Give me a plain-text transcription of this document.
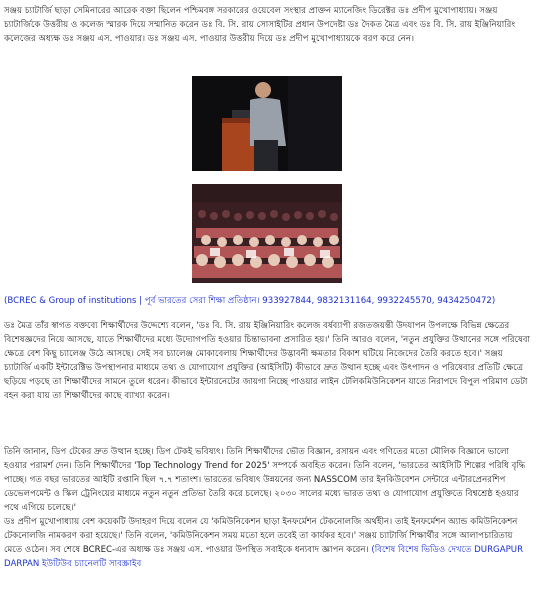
সঞ্জয় চ্যাটার্জি ছাড়া সেমিনারের আরেক বক্তা ছিলেন পশ্চিমবঙ্গ সরকারের ওয়েবেল সংস্থার প্রাক্তন ম্যানেজিং ডিরেক্টর ডঃ প্রদীপ মুখোপাধ্যায়। সঞ্জয় চ্যাটার্জিকে উত্তরীয় ও কলেজ স্মারক দিয়ে সম্মানিত করেন ডঃ বি. সি. রায় সোসাইটির প্রধান উপদেষ্টা ডঃ দৈকত মৈত্র এবং ডঃ বি. সি. রায় ইঞ্জিনিয়ারিং কলেজের অধ্যক্ষ ডঃ সঞ্জয় এস. পাওয়ার। ডঃ সঞ্জয় এস. পাওয়ার উত্তরীয় দিয়ে ডঃ প্রদীপ মুখোপাধ্যায়কে বরণ করে নেন।

(BCREC & Group of institutions | পূর্ব ভারতের সেরা শিক্ষা প্রতিষ্ঠান। 933927844, 9832131164, 9932245570, 9434250472)

ডঃ মৈত্র তাঁর স্বাগত বক্তব্যে শিক্ষার্থীদের উদ্দেশ্যে বলেন, 'ডঃ বি. সি. রায় ইঞ্জিনিয়ারিং কলেজ বর্ষব্যাপী রজতজয়ন্তী উদযাপন উপলক্ষে বিভিন্ন ক্ষেত্রের বিশেষজ্ঞদের নিয়ে আসছে, যাতে শিক্ষার্থীদের মধ্যে উদ্যোগপতি হওয়ার চিন্তাভাবনা প্রসারিত হয়।' তিনি আরও বলেন, 'নতুন প্রযুক্তির উত্থানের সঙ্গে পরিষেবা ক্ষেত্রে বেশ কিছু চ্যালেঞ্জ উঠে আসছে। সেই সব চ্যালেঞ্জ মোকাবেলায় শিক্ষার্থীদের উদ্ভাবনী ক্ষমতার বিকাশ ঘটিয়ে নিজেদের তৈরি করতে হবে।' সঞ্জয় চ্যাটার্জি একটি ইন্টারেক্টিভ উপস্থাপনার মাধ্যমে তথ্য ও যোগাযোগ প্রযুক্তির (আইসিটি) কীভাবে দ্রুত উত্থান হচ্ছে এবং উৎপাদন ও পরিষেবার প্রতিটি ক্ষেত্রে ছড়িয়ে পড়ছে তা শিক্ষার্থীদের সামনে তুলে ধরেন। কীভাবে ইন্টারনেটের জায়গা নিচ্ছে পাওয়ার লাইন টেলিকমিউনিকেশন যাতে নিরাপদে বিপুল পরিমাণ ডেটা বহন করা যায় তা শিক্ষার্থীদের কাছে ব্যাখ্যা করেন।

তিনি জানান, ডিপ টেকের দ্রুত উত্থান হচ্ছে। ডিপ টেকই ভবিষ্যৎ। তিনি শিক্ষার্থীদের ভৌত বিজ্ঞান, রসায়ন এবং গণিতের মতো মৌলিক বিজ্ঞানে ভালো হওয়ার পরামর্শ দেন। তিনি শিক্ষার্থীদের 'Top Technology Trend for 2025' সম্পর্কে অবহিত করেন। তিনি বলেন, 'ভারতের আইসিটি শিল্পের পরিধি বৃদ্ধি পাচ্ছে। গত বছর ভারতের আইটি রপ্তানি ছিল ৭.৭ শতাংশ। ভারতের ভবিষ্যৎ উন্নয়নের জন্য NASSCOM তার ইনকিউবেশন সেন্টারে এন্টারপ্রেনরশিপ ডেভেলপমেন্ট ও স্কিল ট্রেনিংয়ের মাধ্যমে নতুন নতুন প্রতিভা তৈরি করে চলেছে। ২০৩০ সালের মধ্যে ভারত তথ্য ও যোগাযোগ প্রযুক্তিতে বিশ্বশ্রেষ্ঠ হওয়ার পথে এগিয়ে চলেছে।'

ডঃ প্রদীপ মুখোপাধ্যায় বেশ কয়েকটি উদাহরণ দিয়ে বলেন যে 'কমিউনিকেশন ছাড়া ইনফর্মেশন টেকনোলজি অর্থহীন। তাই ইনফর্মেশন অ্যান্ড কমিউনিকেশন টেকনোলজি নামকরণ করা হয়েছে।' তিনি বলেন, 'কমিউনিকেশন সময় মতো হলে তবেই তা কার্যকর হবে।' সঞ্জয় চ্যাটার্জি শিক্ষার্থীর সঙ্গে আলাপচারিতায় মেতে ওঠেন। সব শেষে BCREC-এর অধ্যক্ষ ডঃ সঞ্জয় এস. পাওয়ার উপস্থিত সবাইকে ধন্যবাদ জ্ঞাপন করেন। (বিশেষ বিশেষ ভিডিও দেখতে DURGAPUR DARPAN ইউটিউব চ্যানেলটি সাবস্ক্রাইব
